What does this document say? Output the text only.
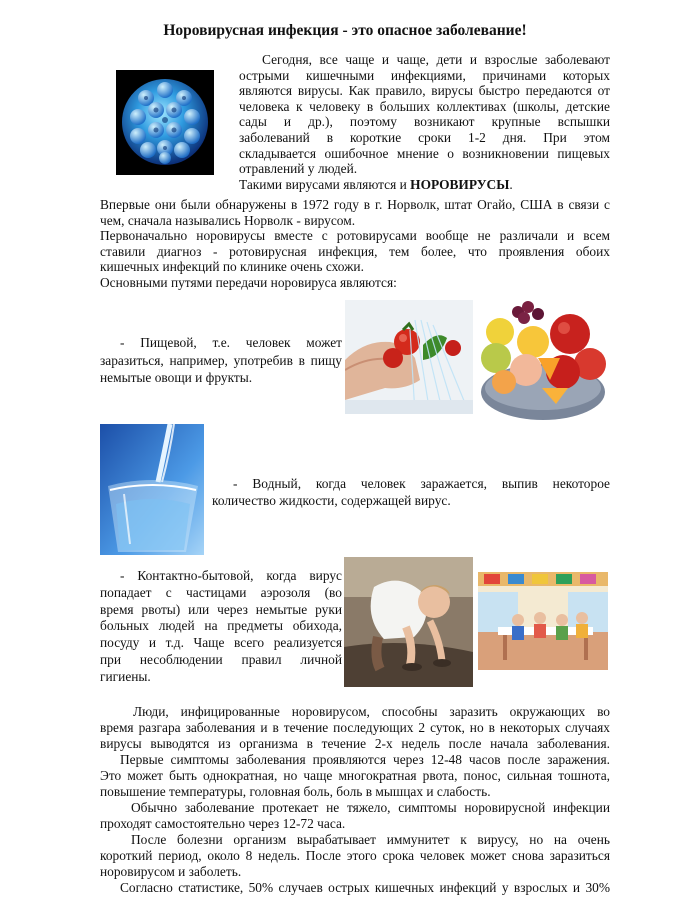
Норовирусная инфекция - это опасное заболевание!
Сегодня, все чаще и чаще, дети и взрослые заболевают
острыми кишечными инфекциями, причинами которых
являются вирусы. Как правило, вирусы быстро передаются от
человека к человеку в больших коллективах (школы, детские
сады и др.), поэтому возникают крупные вспышки
заболеваний в короткие сроки 1-2 дня. При этом
складывается ошибочное мнение о возникновении пищевых
отравлений у людей.
Такими вирусами являются и НОРОВИРУСЫ.
Впервые они были обнаружены в 1972 году в г. Норволк, штат Огайо, США в связи с
чем, сначала назывались Норволк - вирусом.
Первоначально норовирусы вместе с ротовирусами вообще не различали и всем
ставили диагноз - ротовирусная инфекция, тем более, что проявления обоих
кишечных инфекций по клинике очень схожи.
Основными путями передачи норовируса являются:
- Пищевой, т.е. человек может
заразиться, например, употребив в пищу
немытые овощи и фрукты.
- Водный, когда человек заражается, выпив некоторое
количество жидкости, содержащей вирус.
- Контактно-бытовой, когда вирус
попадает с частицами аэрозоля (во
время рвоты) или через немытые руки
больных людей на предметы обихода,
посуду и т.д. Чаще всего реализуется
при несоблюдении правил личной
гигиены.
Люди, инфицированные норовирусом, способны заразить окружающих во
время разгара заболевания и в течение последующих 2 суток, но в некоторых случаях
вирусы выводятся из организма в течение 2-х недель после начала заболевания.
Первые симптомы заболевания проявляются через 12-48 часов после заражения.
Это может быть однократная, но чаще многократная рвота, понос, сильная тошнота,
повышение температуры, головная боль, боль в мышцах и слабость.
Обычно заболевание протекает не тяжело, симптомы норовирусной инфекции
проходят самостоятельно через 12-72 часа.
После болезни организм вырабатывает иммунитет к вирусу, но на очень
короткий период, около 8 недель. После этого срока человек может снова заразиться
норовирусом и заболеть.
Согласно статистике, 50% случаев острых кишечных инфекций у взрослых и 30%
